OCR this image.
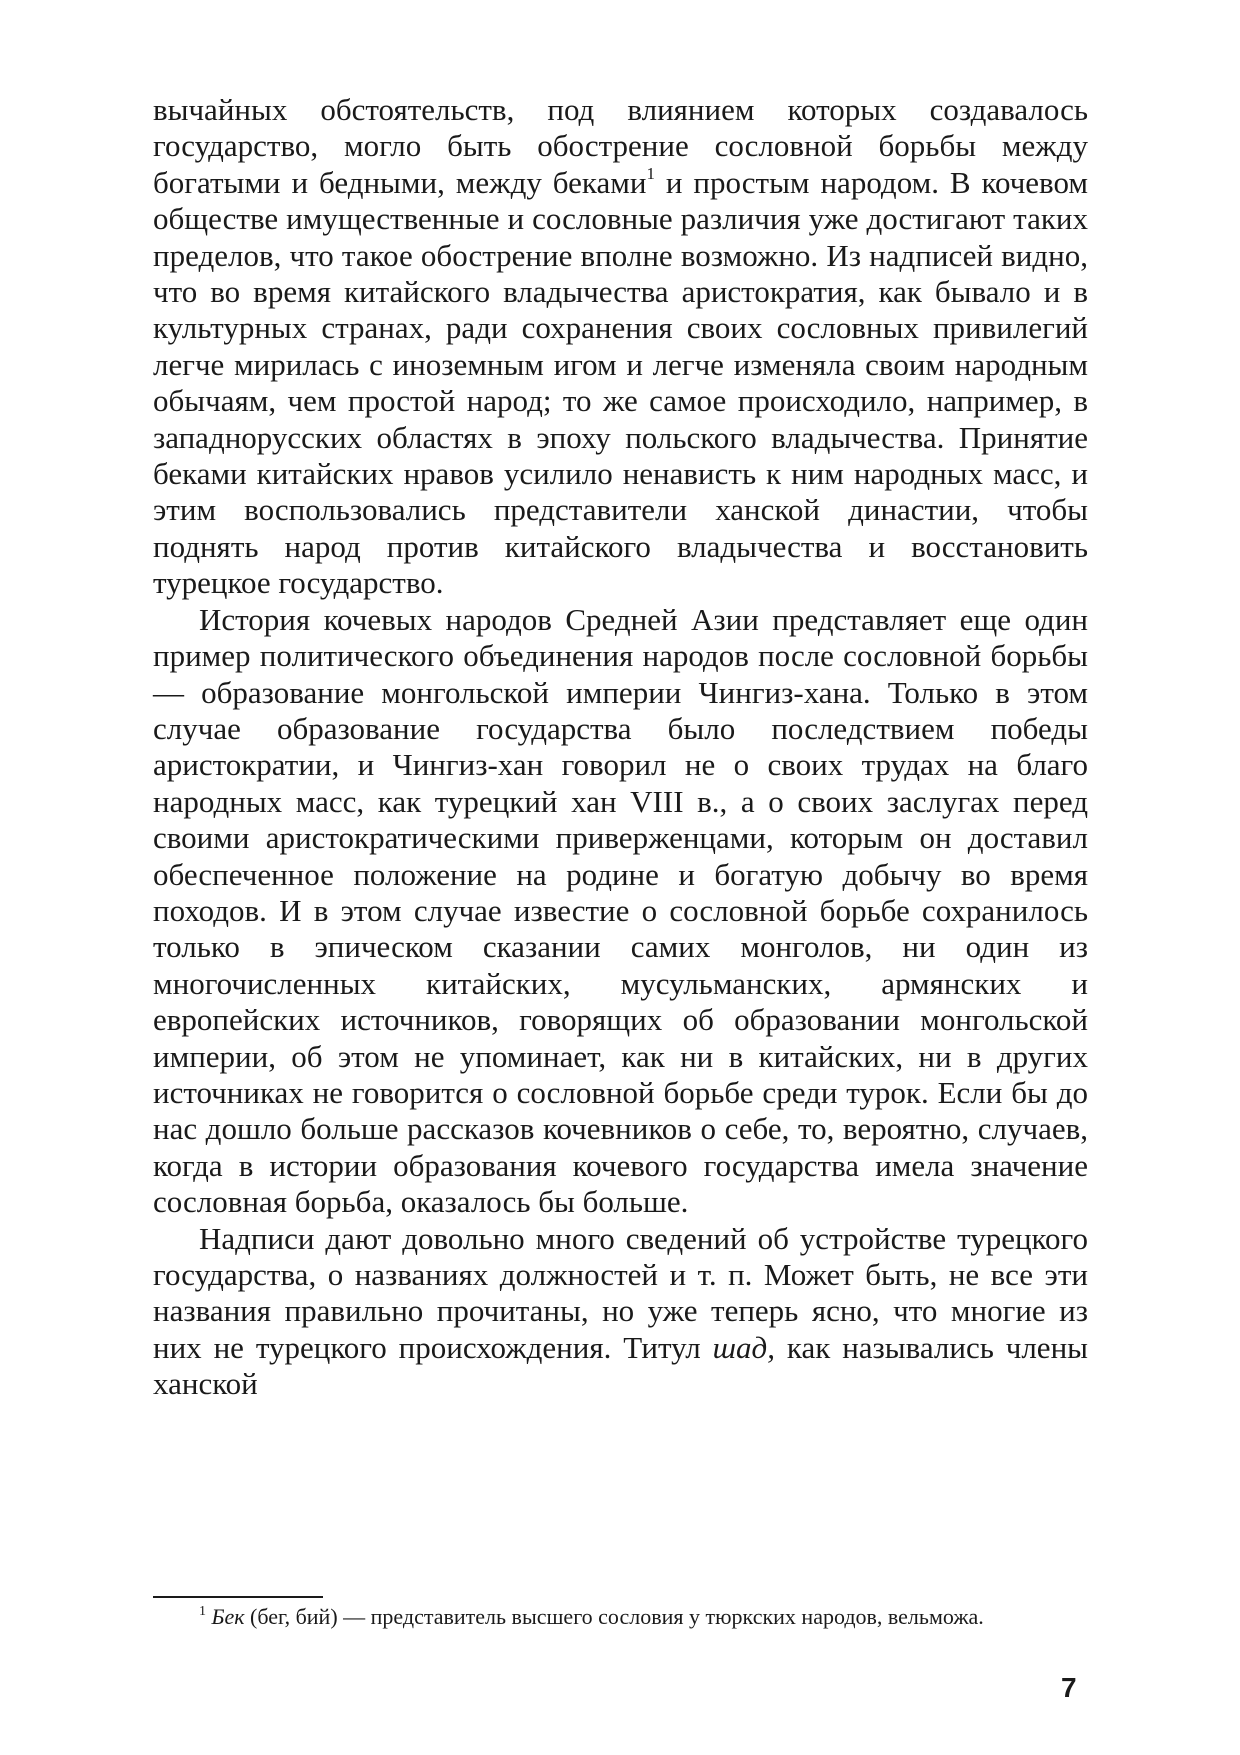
вычайных обстоятельств, под влиянием которых создавалось государство, могло быть обострение сословной борьбы между богатыми и бедными, между беками$^1$ и простым народом. В кочевом обществе имущественные и сословные различия уже достигают таких пределов, что такое обострение вполне возможно. Из надписей видно, что во время китайского владычества аристократия, как бывало и в культурных странах, ради сохранения своих сословных привилегий легче мирилась с иноземным игом и легче изменяла своим народным обычаям, чем простой народ; то же самое происходило, например, в западнорусских областях в эпоху польского владычества. Принятие беками китайских нравов усилило ненависть к ним народных масс, и этим воспользовались представители ханской династии, чтобы поднять народ против китайского владычества и восстановить турецкое государство.

История кочевых народов Средней Азии представляет еще один пример политического объединения народов после сословной борьбы — образование монгольской империи Чингиз-хана. Только в этом случае образование государства было последствием победы аристократии, и Чингиз-хан говорил не о своих трудах на благо народных масс, как турецкий хан VIII в., а о своих заслугах перед своими аристократическими приверженцами, которым он доставил обеспеченное положение на родине и богатую добычу во время походов. И в этом случае известие о сословной борьбе сохранилось только в эпическом сказании самих монголов, ни один из многочисленных китайских, мусульманских, армянских и европейских источников, говорящих об образовании монгольской империи, об этом не упоминает, как ни в китайских, ни в других источниках не говорится о сословной борьбе среди турок. Если бы до нас дошло больше рассказов кочевников о себе, то, вероятно, случаев, когда в истории образования кочевого государства имела значение сословная борьба, оказалось бы больше.

Надписи дают довольно много сведений об устройстве турецкого государства, о названиях должностей и т. п. Может быть, не все эти названия правильно прочитаны, но уже теперь ясно, что многие из них не турецкого происхождения. Титул шад, как назывались члены ханской

$^1$ Бек (бег, бий) — представитель высшего сословия у тюркских народов, вельможа.
7
